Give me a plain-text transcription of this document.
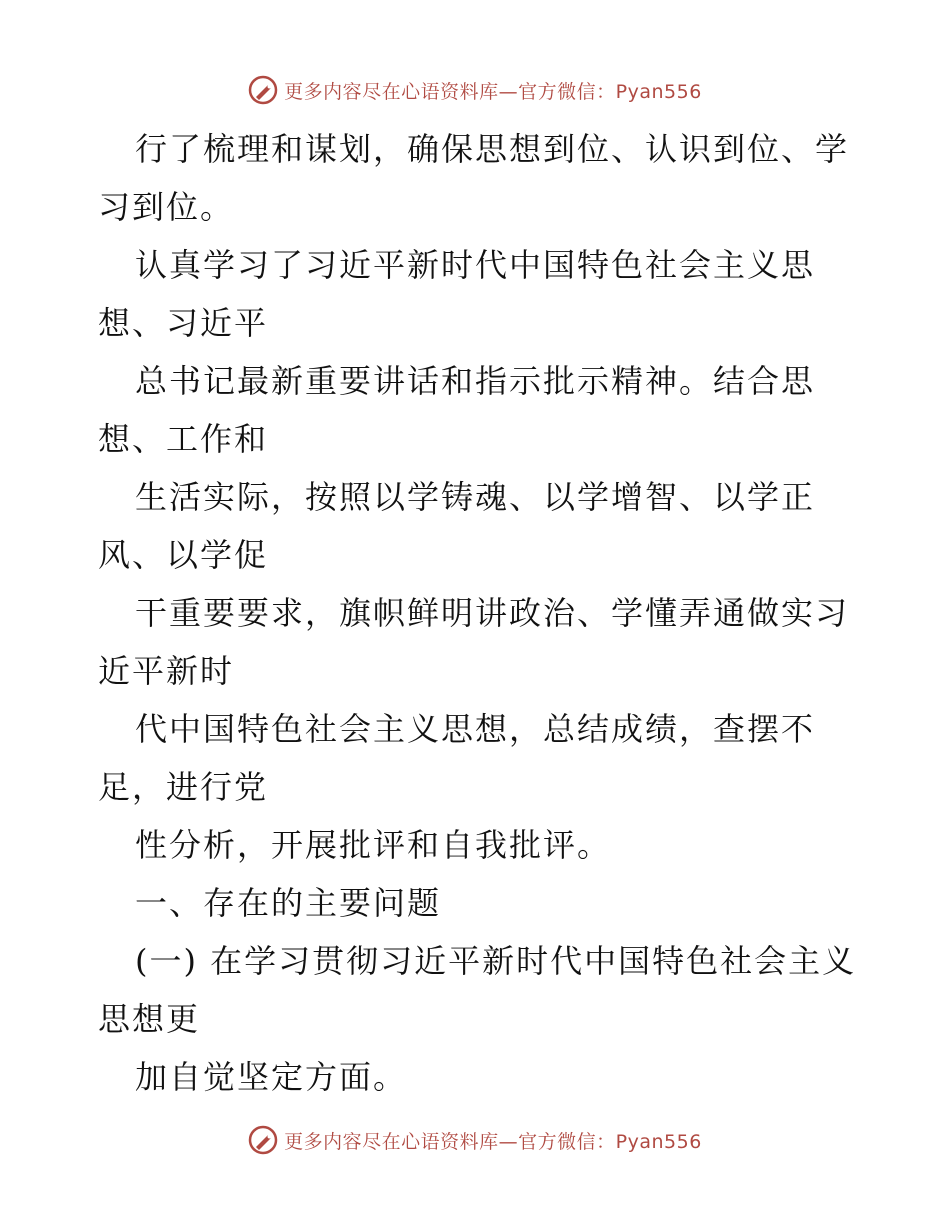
更多内容尽在心语资料库—官方微信：Pyan556

行了梳理和谋划，确保思想到位、认识到位、学

习到位。

认真学习了习近平新时代中国特色社会主义思

想、习近平

总书记最新重要讲话和指示批示精神。结合思

想、工作和

生活实际，按照以学铸魂、以学增智、以学正

风、以学促

干重要要求，旗帜鲜明讲政治、学懂弄通做实习

近平新时

代中国特色社会主义思想，总结成绩，查摆不

足，进行党

性分析，开展批评和自我批评。

一、存在的主要问题

(一) 在学习贯彻习近平新时代中国特色社会主义

思想更

加自觉坚定方面。

更多内容尽在心语资料库—官方微信：Pyan556
